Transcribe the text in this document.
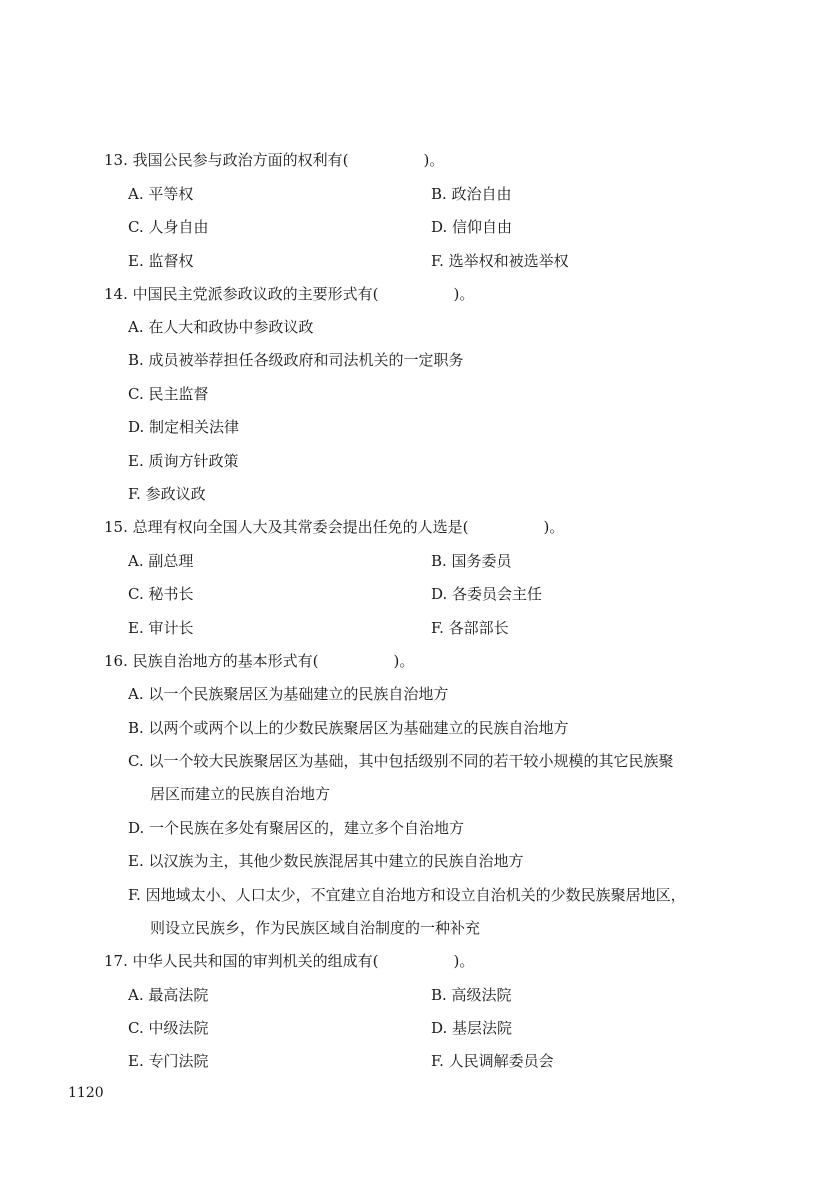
13. 我国公民参与政治方面的权利有(　　　　　)。
A. 平等权	B. 政治自由
C. 人身自由	D. 信仰自由
E. 监督权	F. 选举权和被选举权
14. 中国民主党派参政议政的主要形式有(　　　　　)。
A. 在人大和政协中参政议政
B. 成员被举荐担任各级政府和司法机关的一定职务
C. 民主监督
D. 制定相关法律
E. 质询方针政策
F. 参政议政
15. 总理有权向全国人大及其常委会提出任免的人选是(　　　　　)。
A. 副总理	B. 国务委员
C. 秘书长	D. 各委员会主任
E. 审计长	F. 各部部长
16. 民族自治地方的基本形式有(　　　　　)。
A. 以一个民族聚居区为基础建立的民族自治地方
B. 以两个或两个以上的少数民族聚居区为基础建立的民族自治地方
C. 以一个较大民族聚居区为基础，其中包括级别不同的若干较小规模的其它民族聚
居区而建立的民族自治地方
D. 一个民族在多处有聚居区的，建立多个自治地方
E. 以汉族为主，其他少数民族混居其中建立的民族自治地方
F. 因地域太小、人口太少，不宜建立自治地方和设立自治机关的少数民族聚居地区，
则设立民族乡，作为民族区域自治制度的一种补充
17. 中华人民共和国的审判机关的组成有(　　　　　)。
A. 最高法院	B. 高级法院
C. 中级法院	D. 基层法院
E. 专门法院	F. 人民调解委员会
1120
